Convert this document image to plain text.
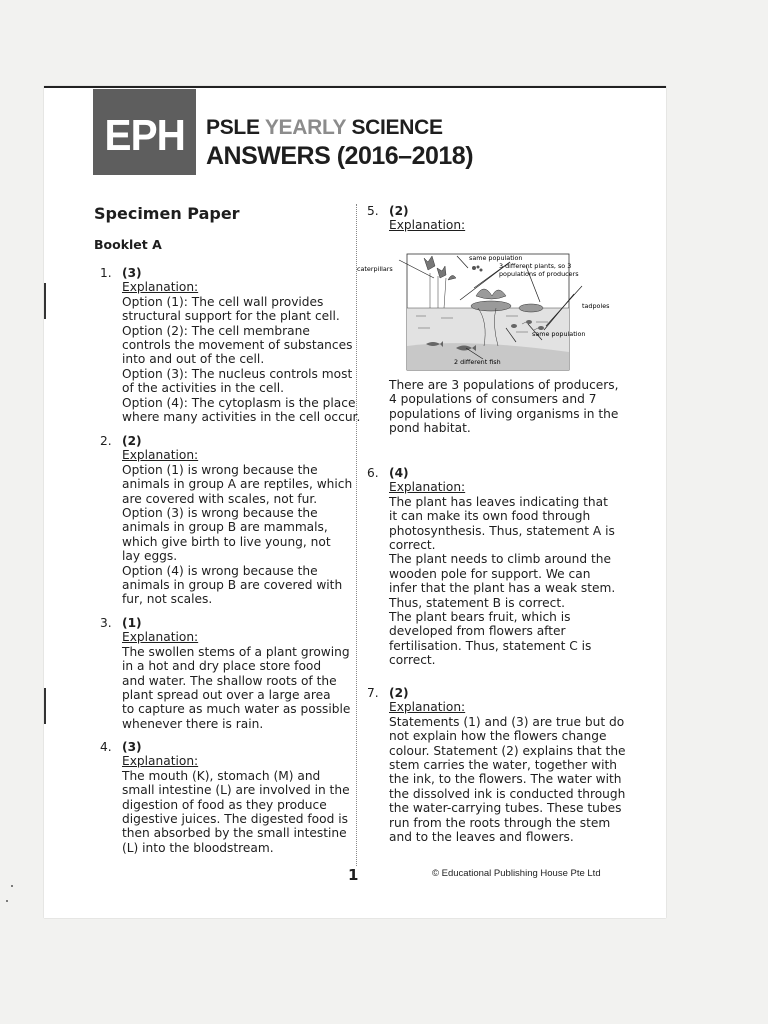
EPH PSLE YEARLY SCIENCE
ANSWERS (2016–2018)
Specimen Paper
Booklet A
1. (3)
Explanation:
Option (1): The cell wall provides
structural support for the plant cell.
Option (2): The cell membrane
controls the movement of substances
into and out of the cell.
Option (3): The nucleus controls most
of the activities in the cell.
Option (4): The cytoplasm is the place
where many activities in the cell occur.
2. (2)
Explanation:
Option (1) is wrong because the
animals in group A are reptiles, which
are covered with scales, not fur.
Option (3) is wrong because the
animals in group B are mammals,
which give birth to live young, not
lay eggs.
Option (4) is wrong because the
animals in group B are covered with
fur, not scales.
3. (1)
Explanation:
The swollen stems of a plant growing
in a hot and dry place store food
and water. The shallow roots of the
plant spread out over a large area
to capture as much water as possible
whenever there is rain.
4. (3)
Explanation:
The mouth (K), stomach (M) and
small intestine (L) are involved in the
digestion of food as they produce
digestive juices. The digested food is
then absorbed by the small intestine
(L) into the bloodstream.
5. (2)
Explanation:
There are 3 populations of producers,
4 populations of consumers and 7
populations of living organisms in the
pond habitat.
6. (4)
Explanation:
The plant has leaves indicating that
it can make its own food through
photosynthesis. Thus, statement A is
correct.
The plant needs to climb around the
wooden pole for support. We can
infer that the plant has a weak stem.
Thus, statement B is correct.
The plant bears fruit, which is
developed from flowers after
fertilisation. Thus, statement C is
correct.
7. (2)
Explanation:
Statements (1) and (3) are true but do
not explain how the flowers change
colour. Statement (2) explains that the
stem carries the water, together with
the ink, to the flowers. The water with
the dissolved ink is conducted through
the water-carrying tubes. These tubes
run from the roots through the stem
and to the leaves and flowers.
same population
3 different plants, so 3
populations of producers
caterpillars
tadpoles
same population
2 different fish
1	© Educational Publishing House Pte Ltd
